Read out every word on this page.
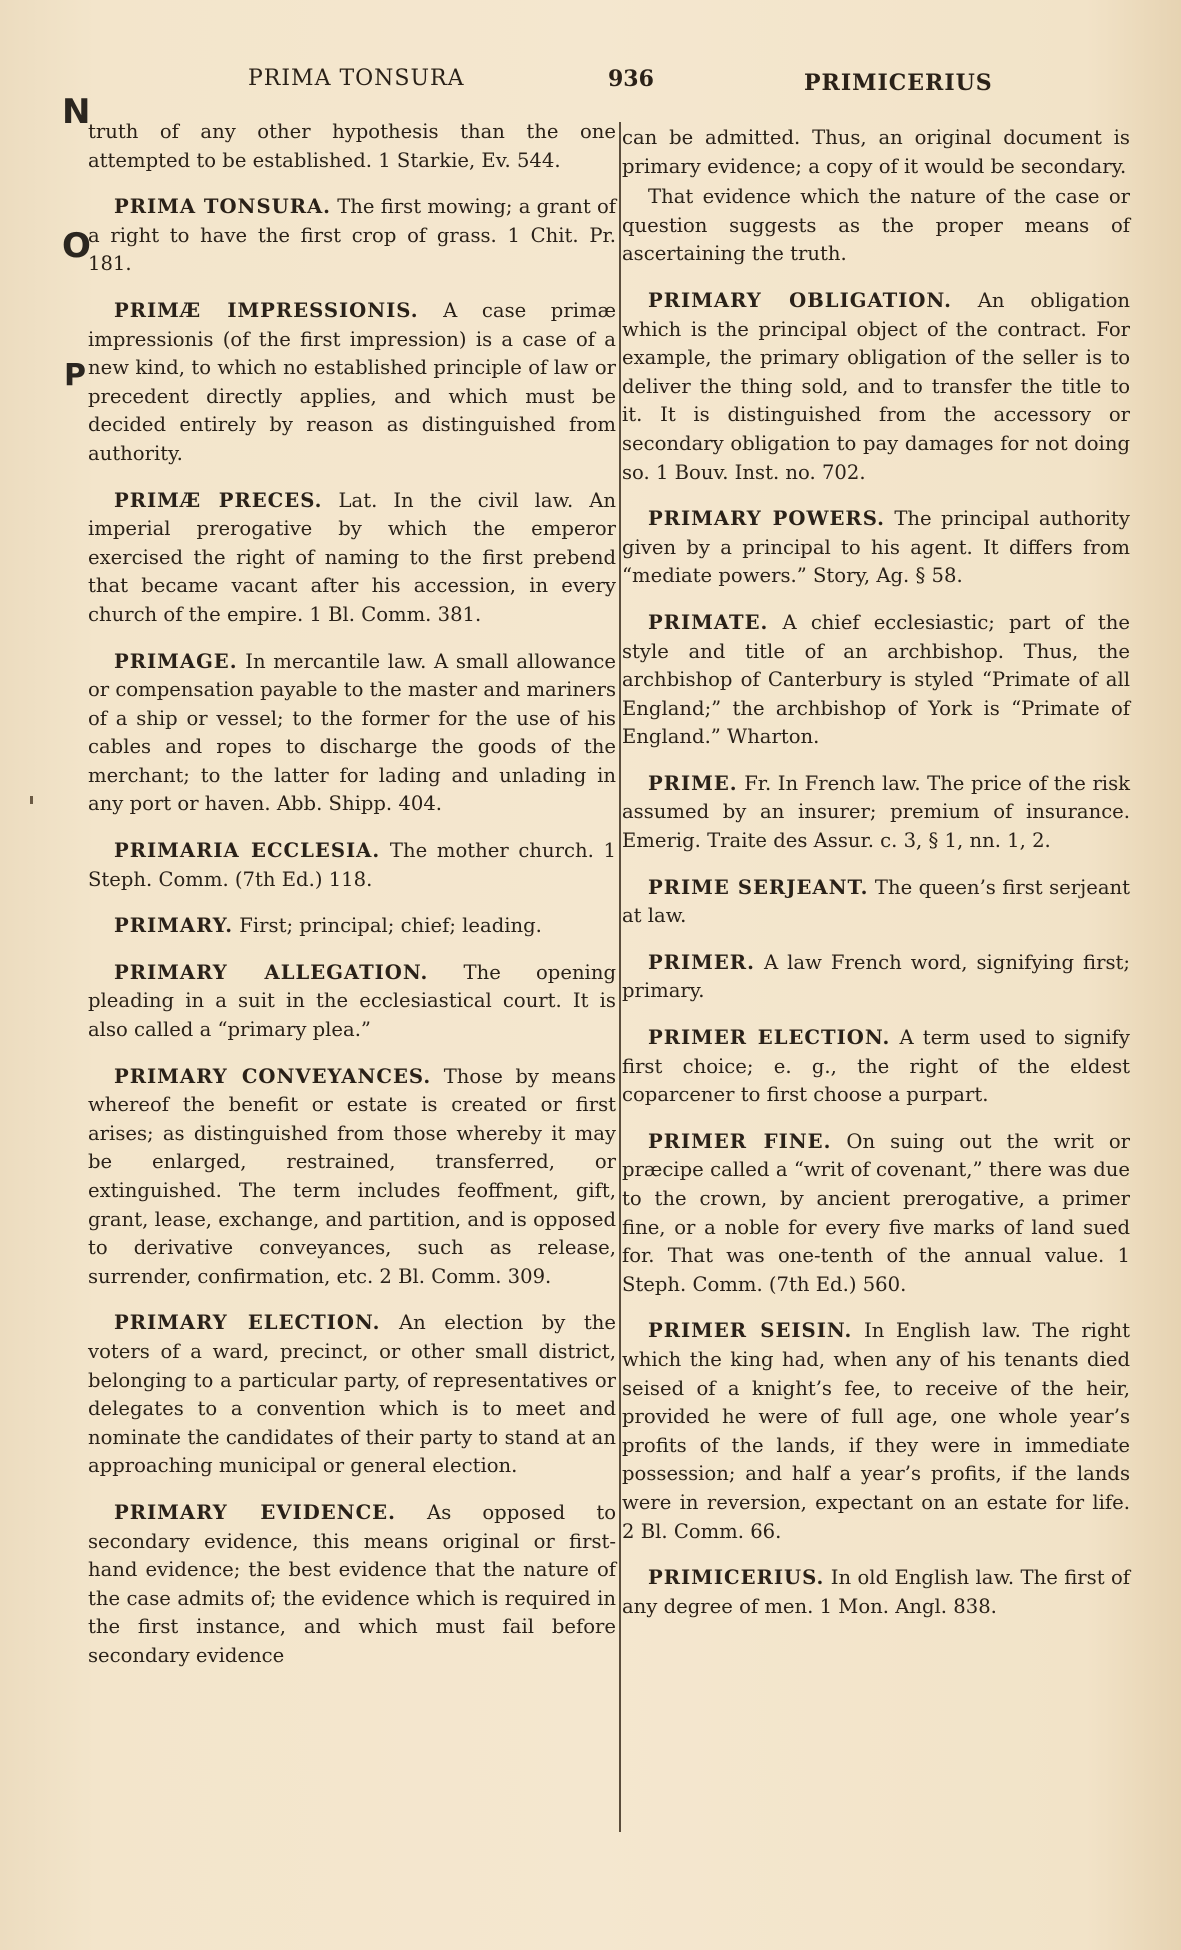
PRIMA TONSURA	936	PRIMICERIUS
N
O
P

truth of any other hypothesis than the one attempted to be established. 1 Starkie, Ev. 544.

PRIMA TONSURA. The first mowing; a grant of a right to have the first crop of grass. 1 Chit. Pr. 181.

PRIMÆ IMPRESSIONIS. A case primæ impressionis (of the first impression) is a case of a new kind, to which no established principle of law or precedent directly applies, and which must be decided entirely by reason as distinguished from authority.

PRIMÆ PRECES. Lat. In the civil law. An imperial prerogative by which the emperor exercised the right of naming to the first prebend that became vacant after his accession, in every church of the empire. 1 Bl. Comm. 381.

PRIMAGE. In mercantile law. A small allowance or compensation payable to the master and mariners of a ship or vessel; to the former for the use of his cables and ropes to discharge the goods of the merchant; to the latter for lading and unlading in any port or haven. Abb. Shipp. 404.

PRIMARIA ECCLESIA. The mother church. 1 Steph. Comm. (7th Ed.) 118.

PRIMARY. First; principal; chief; leading.

PRIMARY ALLEGATION. The opening pleading in a suit in the ecclesiastical court. It is also called a “primary plea.”

PRIMARY CONVEYANCES. Those by means whereof the benefit or estate is created or first arises; as distinguished from those whereby it may be enlarged, restrained, transferred, or extinguished. The term includes feoffment, gift, grant, lease, exchange, and partition, and is opposed to derivative conveyances, such as release, surrender, confirmation, etc. 2 Bl. Comm. 309.

PRIMARY ELECTION. An election by the voters of a ward, precinct, or other small district, belonging to a particular party, of representatives or delegates to a convention which is to meet and nominate the candidates of their party to stand at an approaching municipal or general election.

PRIMARY EVIDENCE. As opposed to secondary evidence, this means original or first-hand evidence; the best evidence that the nature of the case admits of; the evidence which is required in the first instance, and which must fail before secondary evidence

can be admitted. Thus, an original document is primary evidence; a copy of it would be secondary.

That evidence which the nature of the case or question suggests as the proper means of ascertaining the truth.

PRIMARY OBLIGATION. An obligation which is the principal object of the contract. For example, the primary obligation of the seller is to deliver the thing sold, and to transfer the title to it. It is distinguished from the accessory or secondary obligation to pay damages for not doing so. 1 Bouv. Inst. no. 702.

PRIMARY POWERS. The principal authority given by a principal to his agent. It differs from “mediate powers.” Story, Ag. § 58.

PRIMATE. A chief ecclesiastic; part of the style and title of an archbishop. Thus, the archbishop of Canterbury is styled “Primate of all England;” the archbishop of York is “Primate of England.” Wharton.

PRIME. Fr. In French law. The price of the risk assumed by an insurer; premium of insurance. Emerig. Traite des Assur. c. 3, § 1, nn. 1, 2.

PRIME SERJEANT. The queen’s first serjeant at law.

PRIMER. A law French word, signifying first; primary.

PRIMER ELECTION. A term used to signify first choice; e. g., the right of the eldest coparcener to first choose a purpart.

PRIMER FINE. On suing out the writ or præcipe called a “writ of covenant,” there was due to the crown, by ancient prerogative, a primer fine, or a noble for every five marks of land sued for. That was one-tenth of the annual value. 1 Steph. Comm. (7th Ed.) 560.

PRIMER SEISIN. In English law. The right which the king had, when any of his tenants died seised of a knight’s fee, to receive of the heir, provided he were of full age, one whole year’s profits of the lands, if they were in immediate possession; and half a year’s profits, if the lands were in reversion, expectant on an estate for life. 2 Bl. Comm. 66.

PRIMICERIUS. In old English law. The first of any degree of men. 1 Mon. Angl. 838.
